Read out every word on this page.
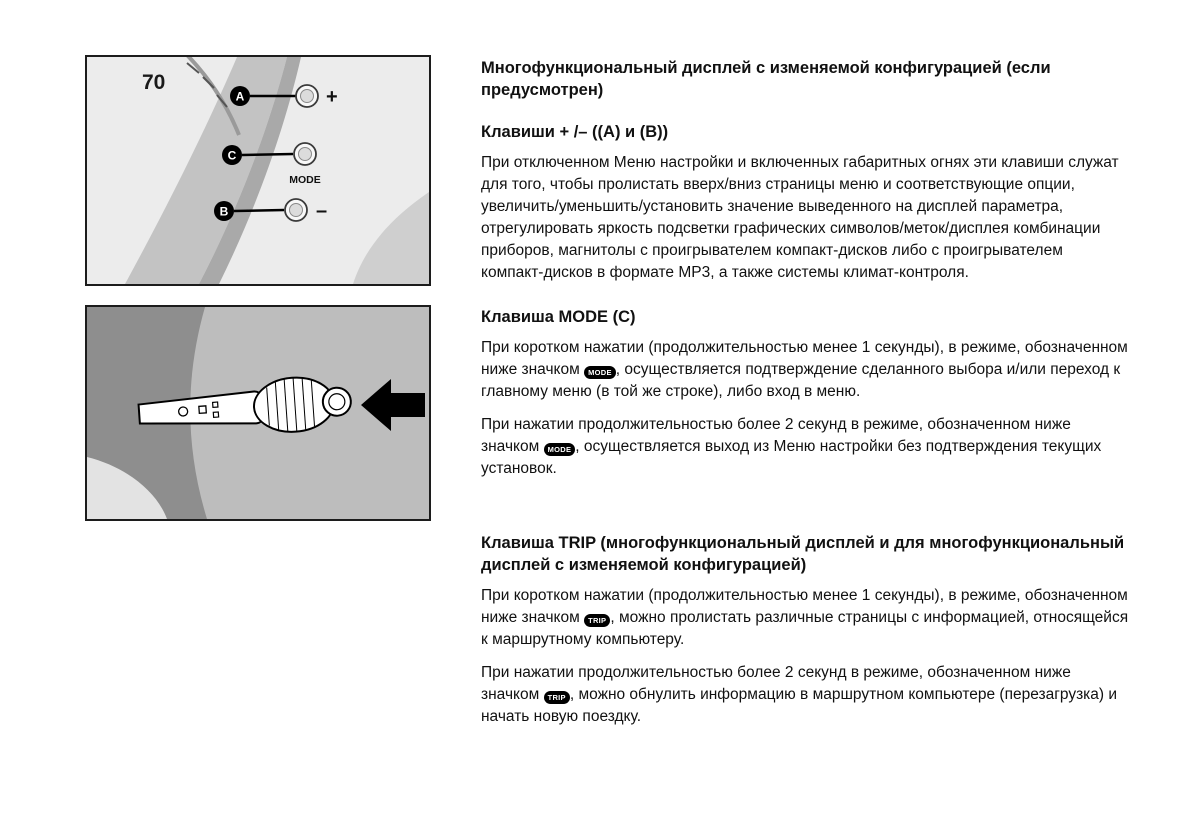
70
A
C
B
+
MODE
–
Многофункциональный дисплей с изменяемой конфигурацией (если предусмотрен)
Клавиши + /– ((A) и (B))

При отключенном Меню настройки и включенных габаритных огнях эти клавиши служат для того, чтобы пролистать вверх/вниз страницы меню и соответствующие опции, увеличить/уменьшить/установить значение выведенного на дисплей параметра, отрегулировать яркость подсветки графических символов/меток/дисплея комбинации приборов, магнитолы с проигрывателем компакт-дисков либо с проигрывателем компакт-дисков в формате MP3, а также системы климат-контроля.

Клавиша MODE (C)

При коротком нажатии (продолжительностью менее 1 секунды), в режиме, обозначенном ниже значком MODE , осуществляется подтверждение сделанного выбора и/или переход к главному меню (в той же строке), либо вход в меню.

При нажатии продолжительностью более 2 секунд в режиме, обозначенном ниже значком MODE , осуществляется выход из Меню настройки без подтверждения текущих установок.

Клавиша TRIP (многофункциональный дисплей и для многофункциональный дисплей с изменяемой конфигурацией)

При коротком нажатии (продолжительностью менее 1 секунды), в режиме, обозначенном ниже значком TRIP , можно пролистать различные страницы с информацией, относящейся к маршрутному компьютеру.

При нажатии продолжительностью более 2 секунд в режиме, обозначенном ниже значком TRIP , можно обнулить информацию в маршрутном компьютере (перезагрузка) и начать новую поездку.
